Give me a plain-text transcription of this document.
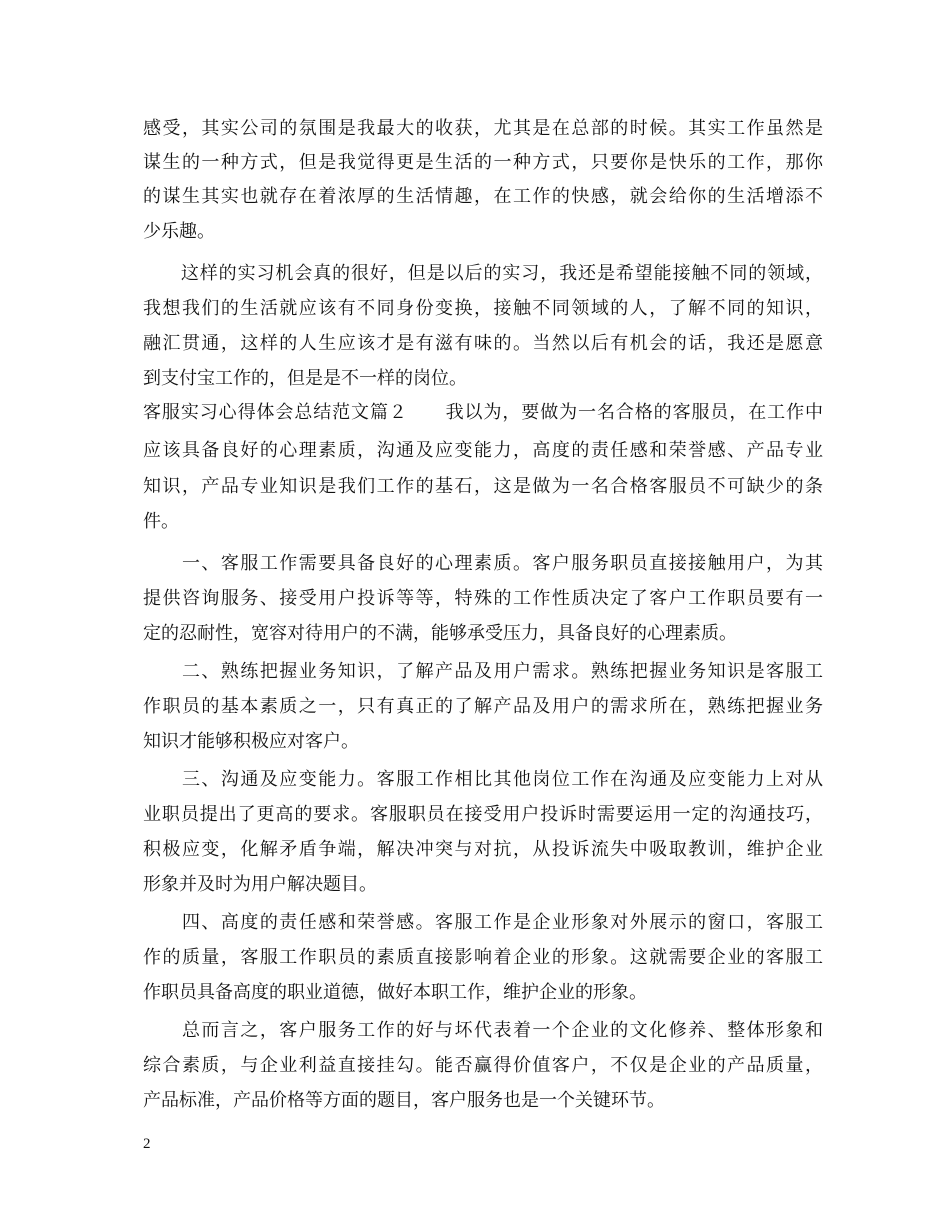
感受，其实公司的氛围是我最大的收获，尤其是在总部的时候。其实工作虽然是
谋生的一种方式，但是我觉得更是生活的一种方式，只要你是快乐的工作，那你
的谋生其实也就存在着浓厚的生活情趣，在工作的快感，就会给你的生活增添不
少乐趣。
　　这样的实习机会真的很好，但是以后的实习，我还是希望能接触不同的领域，
我想我们的生活就应该有不同身份变换，接触不同领域的人，了解不同的知识，
融汇贯通，这样的人生应该才是有滋有味的。当然以后有机会的话，我还是愿意
到支付宝工作的，但是是不一样的岗位。
客服实习心得体会总结范文篇２　　我以为，要做为一名合格的客服员，在工作中
应该具备良好的心理素质，沟通及应变能力，高度的责任感和荣誉感、产品专业
知识，产品专业知识是我们工作的基石，这是做为一名合格客服员不可缺少的条
件。
　　一、客服工作需要具备良好的心理素质。客户服务职员直接接触用户，为其
提供咨询服务、接受用户投诉等等，特殊的工作性质决定了客户工作职员要有一
定的忍耐性，宽容对待用户的不满，能够承受压力，具备良好的心理素质。
　　二、熟练把握业务知识，了解产品及用户需求。熟练把握业务知识是客服工
作职员的基本素质之一，只有真正的了解产品及用户的需求所在，熟练把握业务
知识才能够积极应对客户。
　　三、沟通及应变能力。客服工作相比其他岗位工作在沟通及应变能力上对从
业职员提出了更高的要求。客服职员在接受用户投诉时需要运用一定的沟通技巧，
积极应变，化解矛盾争端，解决冲突与对抗，从投诉流失中吸取教训，维护企业
形象并及时为用户解决题目。
　　四、高度的责任感和荣誉感。客服工作是企业形象对外展示的窗口，客服工
作的质量，客服工作职员的素质直接影响着企业的形象。这就需要企业的客服工
作职员具备高度的职业道德，做好本职工作，维护企业的形象。
　　总而言之，客户服务工作的好与坏代表着一个企业的文化修养、整体形象和
综合素质，与企业利益直接挂勾。能否赢得价值客户，不仅是企业的产品质量，
产品标准，产品价格等方面的题目，客户服务也是一个关键环节。
2
